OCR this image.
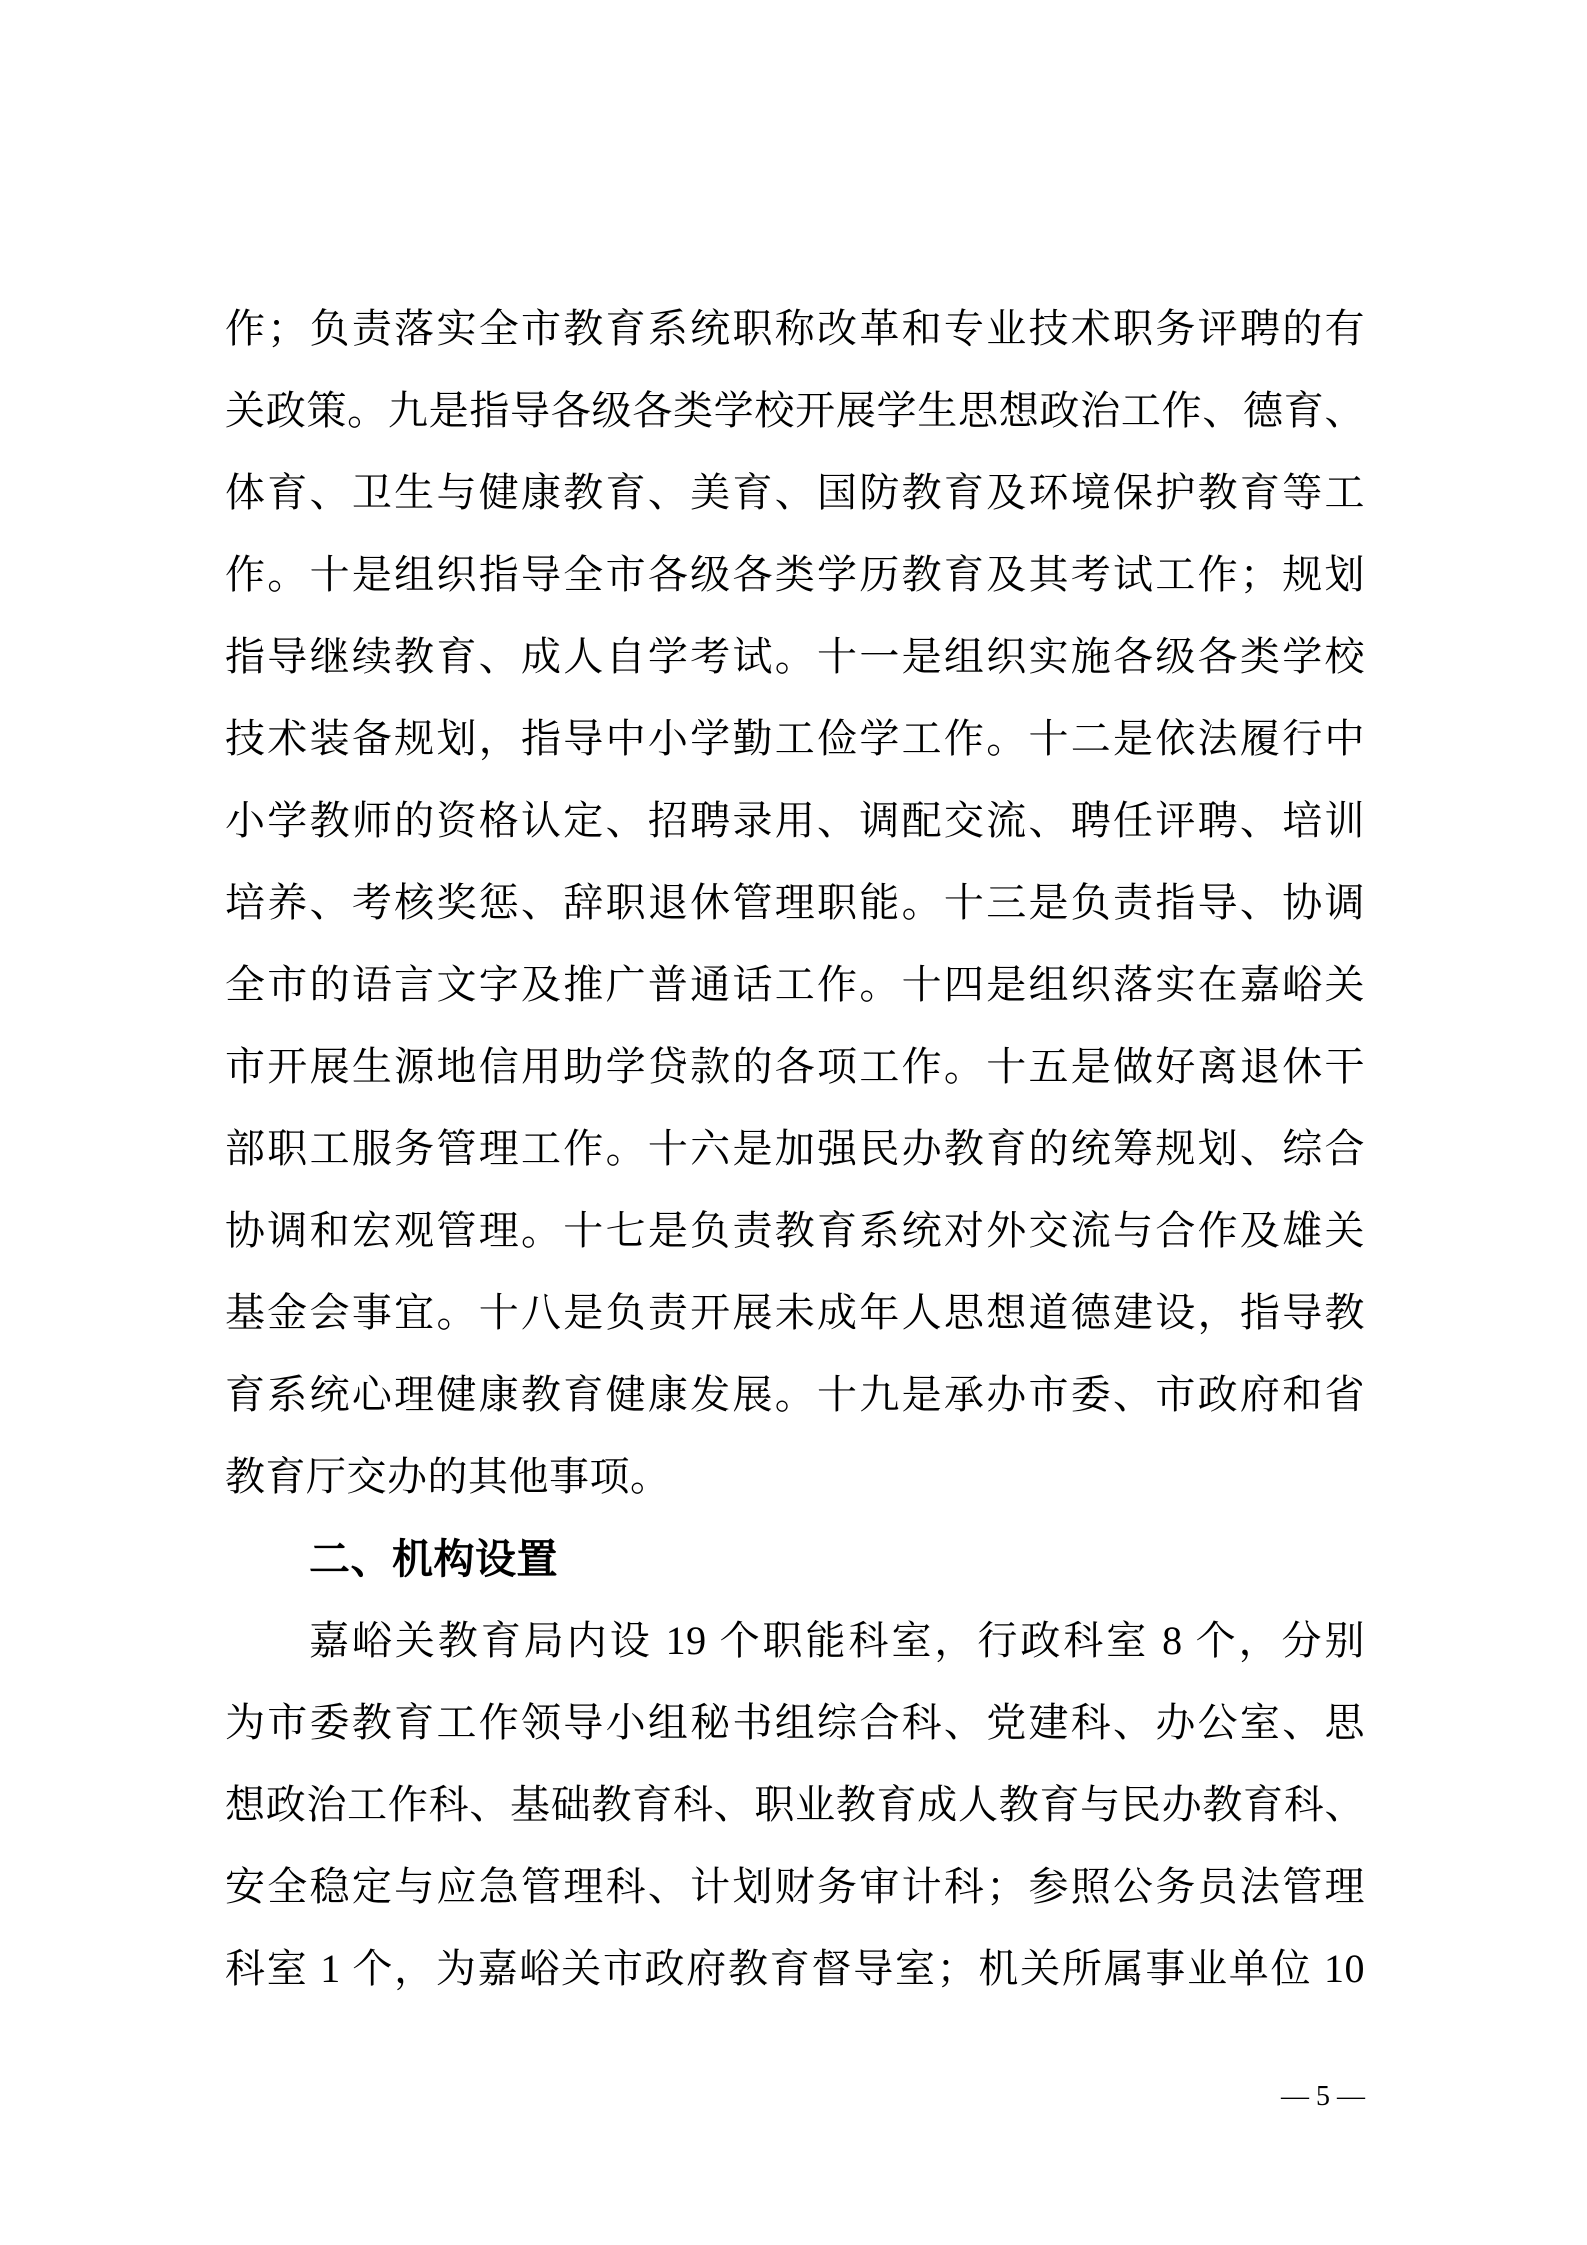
作；负责落实全市教育系统职称改革和专业技术职务评聘的有
关政策。九是指导各级各类学校开展学生思想政治工作、德育、
体育、卫生与健康教育、美育、国防教育及环境保护教育等工
作。十是组织指导全市各级各类学历教育及其考试工作；规划
指导继续教育、成人自学考试。十一是组织实施各级各类学校
技术装备规划，指导中小学勤工俭学工作。十二是依法履行中
小学教师的资格认定、招聘录用、调配交流、聘任评聘、培训
培养、考核奖惩、辞职退休管理职能。十三是负责指导、协调
全市的语言文字及推广普通话工作。十四是组织落实在嘉峪关
市开展生源地信用助学贷款的各项工作。十五是做好离退休干
部职工服务管理工作。十六是加强民办教育的统筹规划、综合
协调和宏观管理。十七是负责教育系统对外交流与合作及雄关
基金会事宜。十八是负责开展未成年人思想道德建设，指导教
育系统心理健康教育健康发展。十九是承办市委、市政府和省
教育厅交办的其他事项。
二、机构设置
嘉峪关教育局内设 19 个职能科室，行政科室 8 个，分别
为市委教育工作领导小组秘书组综合科、党建科、办公室、思
想政治工作科、基础教育科、职业教育成人教育与民办教育科、
安全稳定与应急管理科、计划财务审计科；参照公务员法管理
科室 1 个，为嘉峪关市政府教育督导室；机关所属事业单位 10
— 5 —
